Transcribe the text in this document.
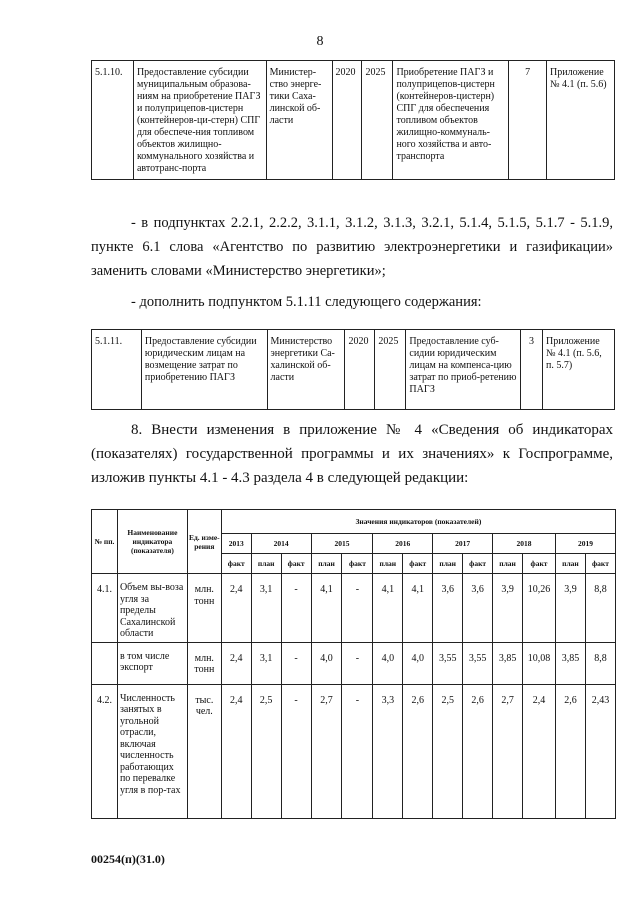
8
5.1.10.	Предоставление субсидии муниципальным образова-ниям на приобретение ПАГЗ и полуприцепов-цистерн (контейнеров-ци-стерн) СПГ для обеспече-ния топливом объектов жилищно-коммунального хозяйства и автотранс-порта	Министер-ство энерге-тики Саха-линской об-ласти	2020	2025	Приобретение ПАГЗ и полуприцепов-цистерн (контейнеров-цистерн) СПГ для обеспечения топливом объектов жилищно-коммуналь-ного хозяйства и авто-транспорта	7	Приложение № 4.1 (п. 5.6)
- в подпунктах 2.2.1, 2.2.2, 3.1.1, 3.1.2, 3.1.3, 3.2.1, 5.1.4, 5.1.5, 5.1.7 - 5.1.9, пункте 6.1 слова «Агентство по развитию электроэнергетики и газификации» заменить словами «Министерство энергетики»;
- дополнить подпунктом 5.1.11 следующего содержания:
5.1.11.	Предоставление субсидии юридическим лицам на возмещение затрат по приобретению ПАГЗ	Министерство энергетики Са-халинской об-ласти	2020	2025	Предоставление суб-сидии юридическим лицам на компенса-цию затрат по приоб-ретению ПАГЗ	3	Приложение № 4.1 (п. 5.6, п. 5.7)
8. Внести изменения в приложение № 4 «Сведения об индикаторах (показателях) государственной программы и их значениях» к Госпрограмме, изложив пункты 4.1 - 4.3 раздела 4 в следующей редакции:
№ пп.	Наименование индикатора (показателя)	Ед. изме-рения	Значения индикаторов (показателей)												
			2013	2014		2015		2016		2017		2018		2019	
			факт	план	факт	план	факт	план	факт	план	факт	план	факт	план	факт
4.1.	Объем вы-воза угля за пределы Сахалинской области	млн. тонн	2,4	3,1	-	4,1	-	4,1	4,1	3,6	3,6	3,9	10,26	3,9	8,8
	в том числе экспорт	млн. тонн	2,4	3,1	-	4,0	-	4,0	4,0	3,55	3,55	3,85	10,08	3,85	8,8
4.2.	Численность занятых в угольной отрасли, включая численность работающих по перевалке угля в пор-тах	тыс. чел.	2,4	2,5	-	2,7	-	3,3	2,6	2,5	2,6	2,7	2,4	2,6	2,43
00254(п)(31.0)
